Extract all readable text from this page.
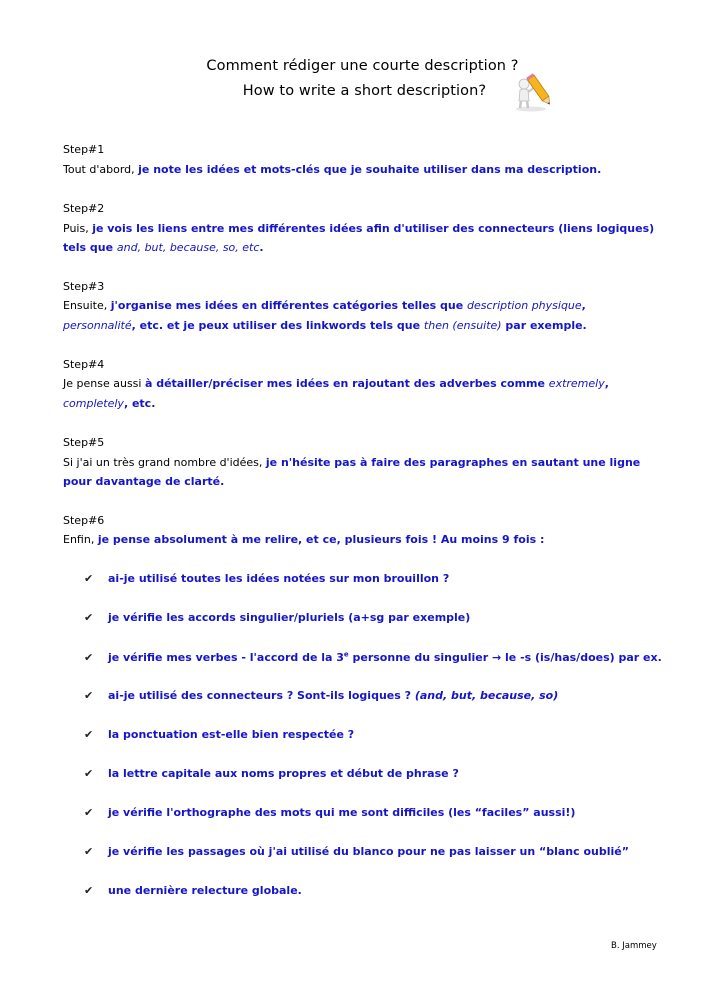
Comment rédiger une courte description ?
How to write a short description?
Step#1
Tout d'abord, je note les idées et mots-clés que je souhaite utiliser dans ma description.
Step#2
Puis, je vois les liens entre mes différentes idées afin d'utiliser des connecteurs (liens logiques)
tels que and, but, because, so, etc.
Step#3
Ensuite, j'organise mes idées en différentes catégories telles que description physique,
personnalité, etc. et je peux utiliser des linkwords tels que then (ensuite) par exemple.
Step#4
Je pense aussi à détailler/préciser mes idées en rajoutant des adverbes comme extremely,
completely, etc.
Step#5
Si j'ai un très grand nombre d'idées, je n'hésite pas à faire des paragraphes en sautant une ligne
pour davantage de clarté.
Step#6
Enfin, je pense absolument à me relire, et ce, plusieurs fois ! Au moins 9 fois :
✔ ai-je utilisé toutes les idées notées sur mon brouillon ?
✔ je vérifie les accords singulier/pluriels (a+sg par exemple)
✔ je vérifie mes verbes - l'accord de la 3e personne du singulier → le -s (is/has/does) par ex.
✔ ai-je utilisé des connecteurs ? Sont-ils logiques ? (and, but, because, so)
✔ la ponctuation est-elle bien respectée ?
✔ la lettre capitale aux noms propres et début de phrase ?
✔ je vérifie l'orthographe des mots qui me sont difficiles (les “faciles” aussi!)
✔ je vérifie les passages où j'ai utilisé du blanco pour ne pas laisser un “blanc oublié”
✔ une dernière relecture globale.
B. Jammey
